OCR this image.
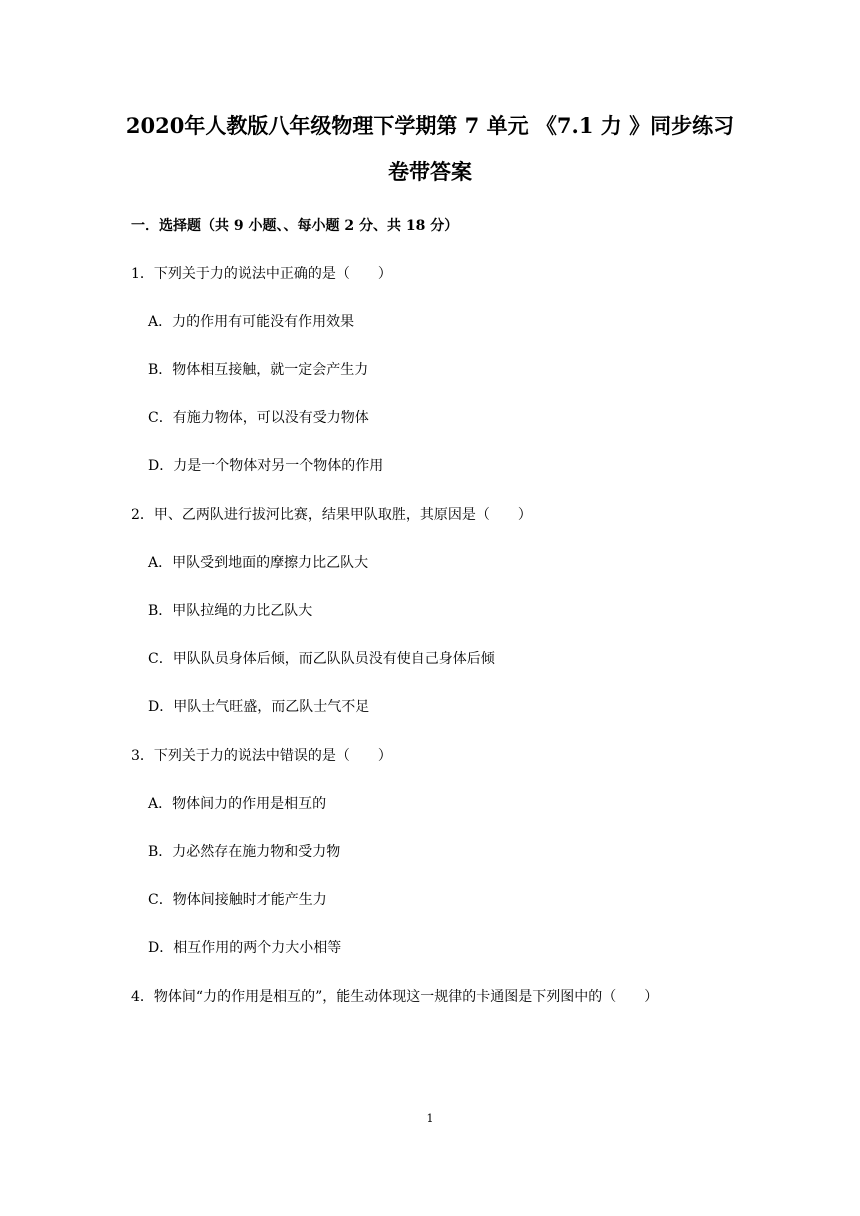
2020年人教版八年级物理下学期第 7 单元 《7.1 力 》同步练习
卷带答案
一．选择题（共 9 小题、、每小题 2 分、共 18 分）
1．下列关于力的说法中正确的是（　　）
A．力的作用有可能没有作用效果
B．物体相互接触，就一定会产生力
C．有施力物体，可以没有受力物体
D．力是一个物体对另一个物体的作用
2．甲、乙两队进行拔河比赛，结果甲队取胜，其原因是（　　）
A．甲队受到地面的摩擦力比乙队大
B．甲队拉绳的力比乙队大
C．甲队队员身体后倾，而乙队队员没有使自己身体后倾
D．甲队士气旺盛，而乙队士气不足
3．下列关于力的说法中错误的是（　　）
A．物体间力的作用是相互的
B．力必然存在施力物和受力物
C．物体间接触时才能产生力
D．相互作用的两个力大小相等
4．物体间“力的作用是相互的”，能生动体现这一规律的卡通图是下列图中的（　　）
1
